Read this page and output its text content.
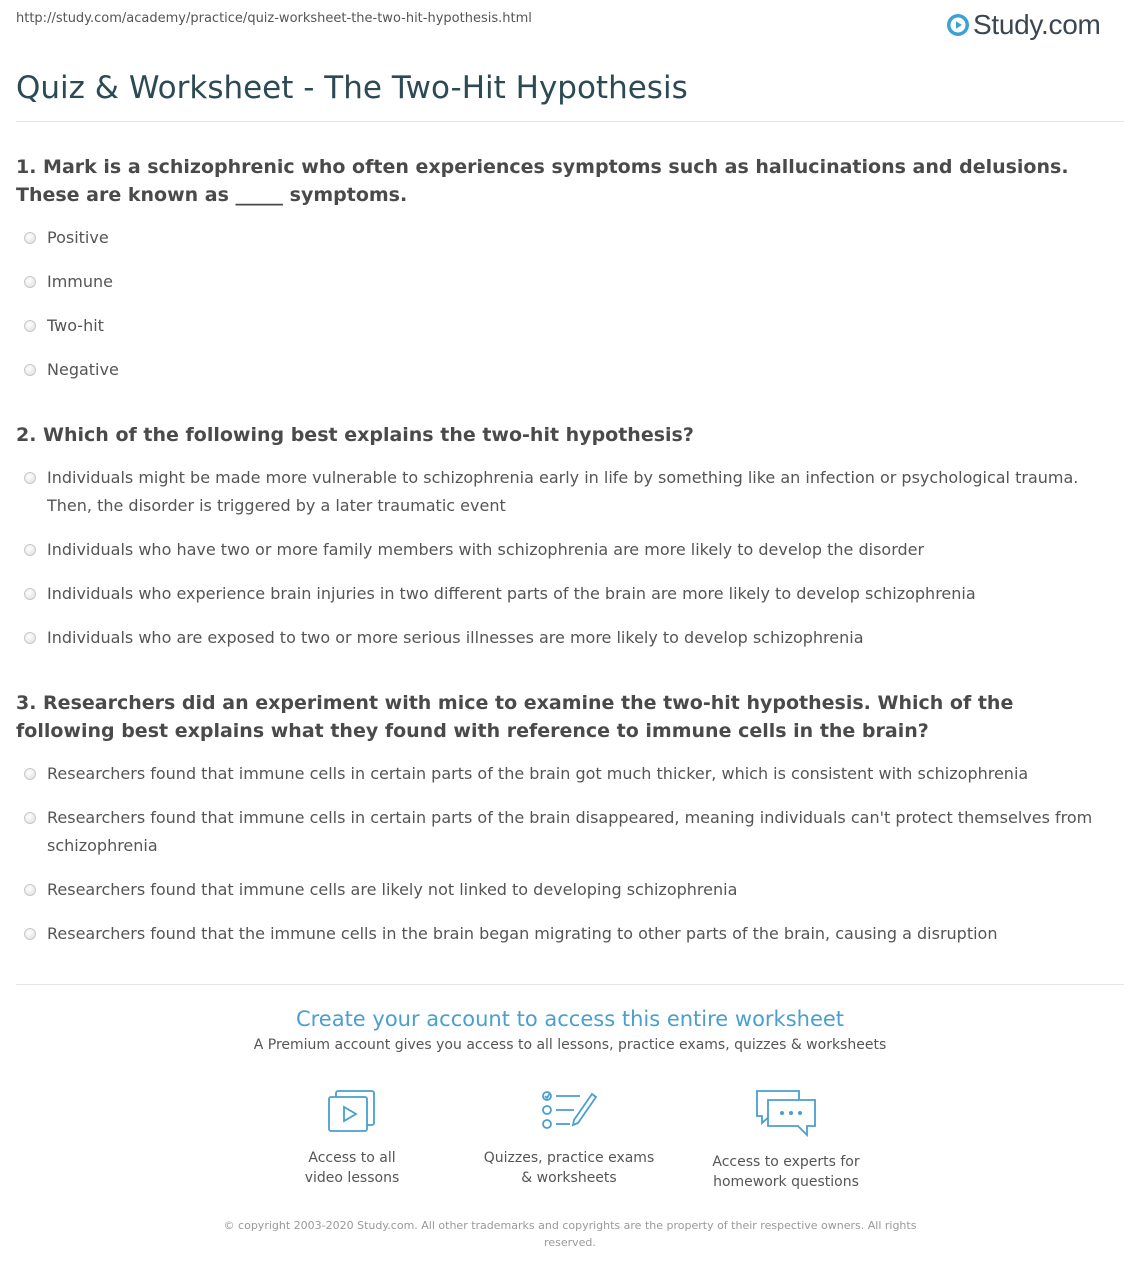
http://study.com/academy/practice/quiz-worksheet-the-two-hit-hypothesis.html	Study.com
Quiz & Worksheet - The Two-Hit Hypothesis
1. Mark is a schizophrenic who often experiences symptoms such as hallucinations and delusions. These are known as _____ symptoms.
Positive
Immune
Two-hit
Negative
2. Which of the following best explains the two-hit hypothesis?
Individuals might be made more vulnerable to schizophrenia early in life by something like an infection or psychological trauma. Then, the disorder is triggered by a later traumatic event
Individuals who have two or more family members with schizophrenia are more likely to develop the disorder
Individuals who experience brain injuries in two different parts of the brain are more likely to develop schizophrenia
Individuals who are exposed to two or more serious illnesses are more likely to develop schizophrenia
3. Researchers did an experiment with mice to examine the two-hit hypothesis. Which of the following best explains what they found with reference to immune cells in the brain?
Researchers found that immune cells in certain parts of the brain got much thicker, which is consistent with schizophrenia
Researchers found that immune cells in certain parts of the brain disappeared, meaning individuals can't protect themselves from schizophrenia
Researchers found that immune cells are likely not linked to developing schizophrenia
Researchers found that the immune cells in the brain began migrating to other parts of the brain, causing a disruption
Create your account to access this entire worksheet
A Premium account gives you access to all lessons, practice exams, quizzes & worksheets
Access to all
video lessons
Quizzes, practice exams
& worksheets
Access to experts for
homework questions
© copyright 2003-2020 Study.com. All other trademarks and copyrights are the property of their respective owners. All rights reserved.
